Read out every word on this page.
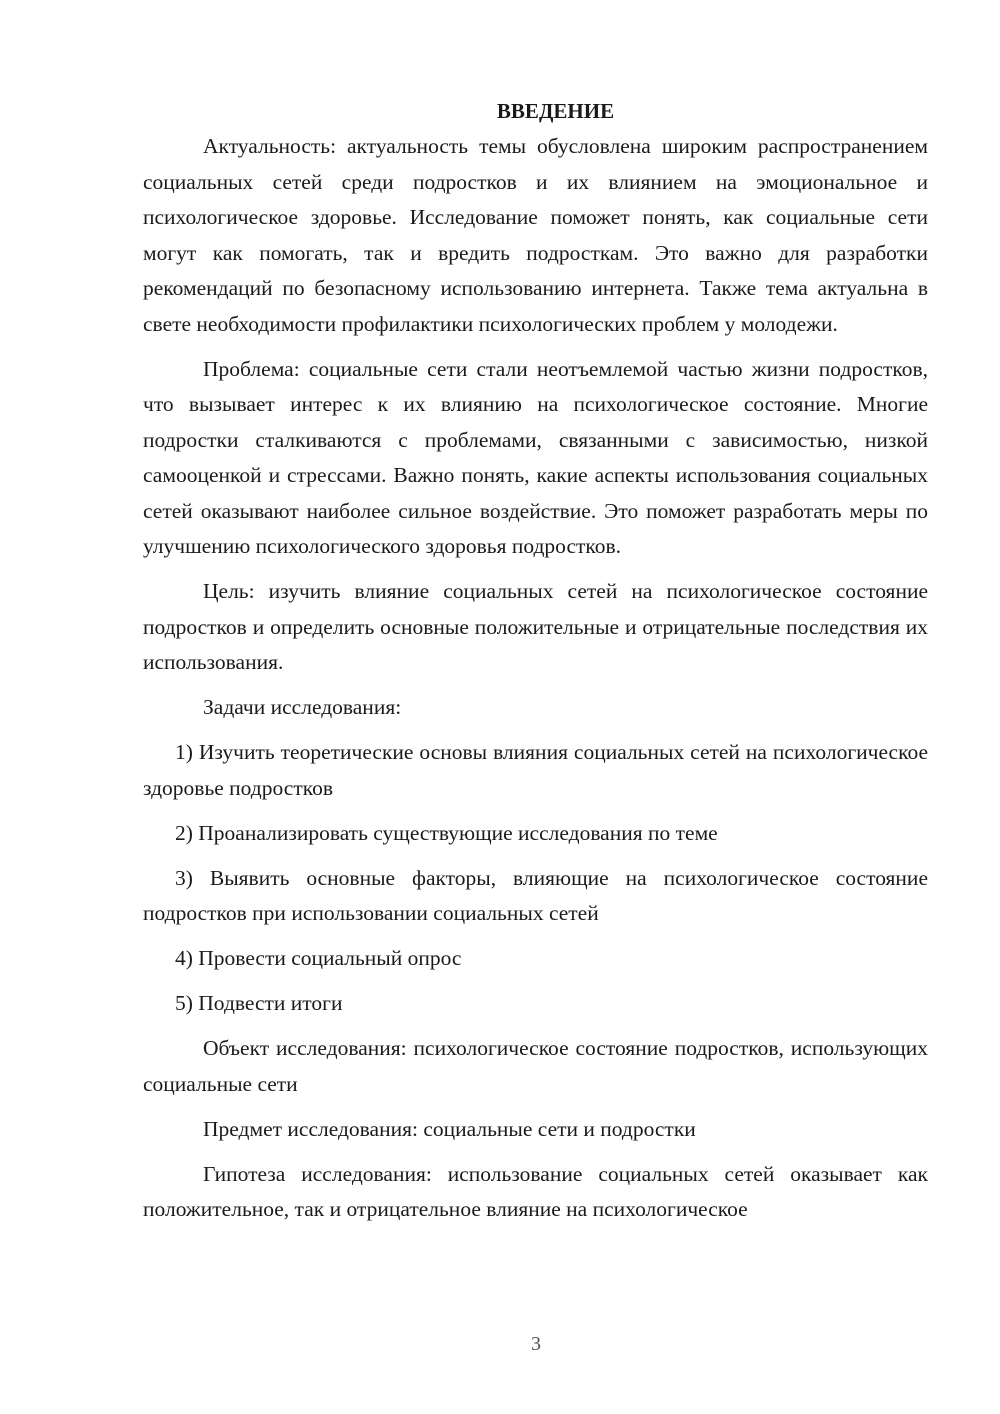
ВВЕДЕНИЕ

Актуальность: актуальность темы обусловлена широким распространением социальных сетей среди подростков и их влиянием на эмоциональное и психологическое здоровье. Исследование поможет понять, как социальные сети могут как помогать, так и вредить подросткам. Это важно для разработки рекомендаций по безопасному использованию интернета. Также тема актуальна в свете необходимости профилактики психологических проблем у молодежи.

Проблема: социальные сети стали неотъемлемой частью жизни подростков, что вызывает интерес к их влиянию на психологическое состояние. Многие подростки сталкиваются с проблемами, связанными с зависимостью, низкой самооценкой и стрессами. Важно понять, какие аспекты использования социальных сетей оказывают наиболее сильное воздействие. Это поможет разработать меры по улучшению психологического здоровья подростков.

Цель: изучить влияние социальных сетей на психологическое состояние подростков и определить основные положительные и отрицательные последствия их использования.

Задачи исследования:

1) Изучить теоретические основы влияния социальных сетей на психологическое здоровье подростков

2) Проанализировать существующие исследования по теме

3) Выявить основные факторы, влияющие на психологическое состояние подростков при использовании социальных сетей

4) Провести социальный опрос

5) Подвести итоги

Объект исследования: психологическое состояние подростков, использующих социальные сети

Предмет исследования: социальные сети и подростки

Гипотеза исследования: использование социальных сетей оказывает как положительное, так и отрицательное влияние на психологическое

3
